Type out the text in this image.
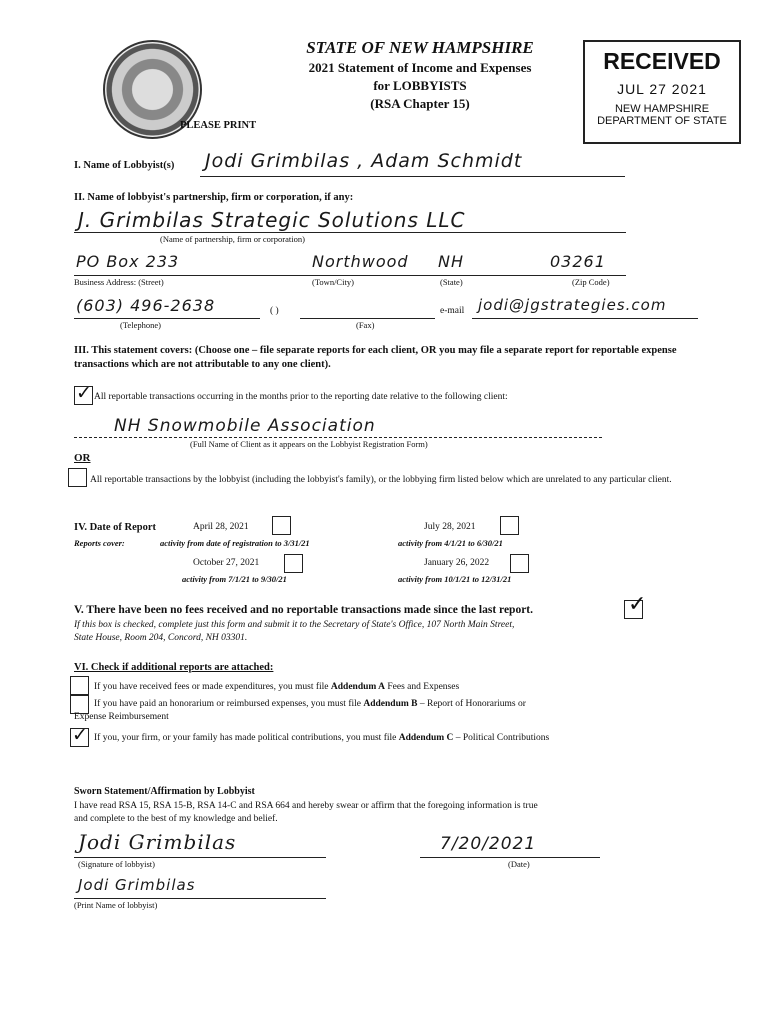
STATE OF NEW HAMPSHIRE
2021 Statement of Income and Expenses
for LOBBYISTS
(RSA Chapter 15)
PLEASE PRINT
RECEIVED
JUL 27 2021
NEW HAMPSHIRE
DEPARTMENT OF STATE
I. Name of Lobbyist(s) Jodi Grimbilas , Adam Schmidt
II. Name of lobbyist's partnership, firm or corporation, if any:
J. Grimbilas Strategic Solutions LLC
(Name of partnership, firm or corporation)
PO Box 233	Northwood NH	03261
Business Address: (Street)	(Town/City)	(State)	(Zip Code)
(603) 496-2638
(Telephone)
( )
(Fax)
e-mail jodi@jgstrategies.com
III. This statement covers: (Choose one – file separate reports for each client, OR you may file a separate report for reportable expense transactions which are not attributable to any one client).
✓ All reportable transactions occurring in the months prior to the reporting date relative to the following client:
NH Snowmobile Association
(Full Name of Client as it appears on the Lobbyist Registration Form)
OR
All reportable transactions by the lobbyist (including the lobbyist's family), or the lobbying firm listed below which are unrelated to any particular client.
IV. Date of Report
Reports cover:
April 28, 2021
activity from date of registration to 3/31/21
July 28, 2021
activity from 4/1/21 to 6/30/21
October 27, 2021
activity from 7/1/21 to 9/30/21
January 26, 2022
activity from 10/1/21 to 12/31/21
V. There have been no fees received and no reportable transactions made since the last report.	✓
If this box is checked, complete just this form and submit it to the Secretary of State's Office, 107 North Main Street,
State House, Room 204, Concord, NH 03301.
VI. Check if additional reports are attached:
If you have received fees or made expenditures, you must file Addendum A Fees and Expenses
If you have paid an honorarium or reimbursed expenses, you must file Addendum B – Report of Honorariums or
Expense Reimbursement
✓ If you, your firm, or your family has made political contributions, you must file Addendum C – Political Contributions
Sworn Statement/Affirmation by Lobbyist
I have read RSA 15, RSA 15-B, RSA 14-C and RSA 664 and hereby swear or affirm that the foregoing information is true
and complete to the best of my knowledge and belief.
Jodi Grimbilas
(Signature of lobbyist)
7/20/2021
(Date)
Jodi Grimbilas
(Print Name of lobbyist)
